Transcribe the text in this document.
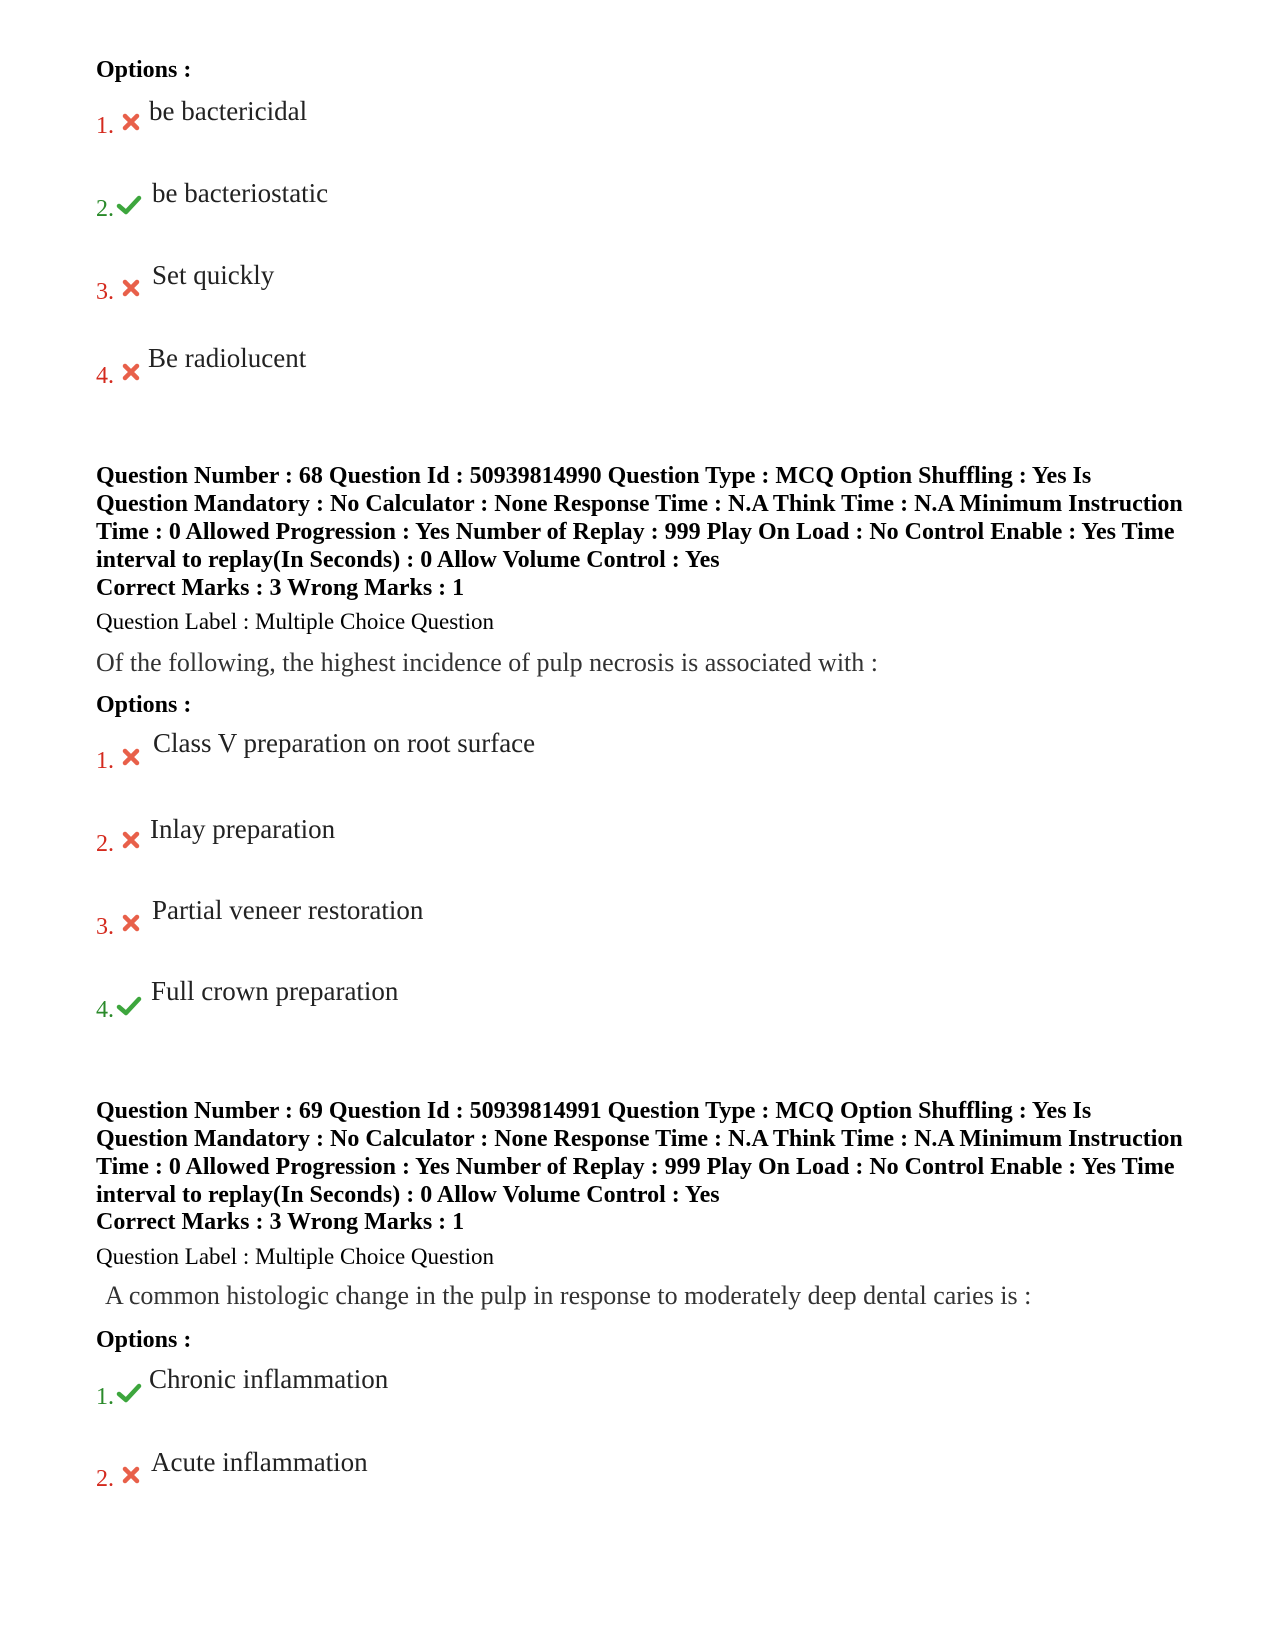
Options :
1. be bactericidal
2.
be bacteriostatic
3.
Set quickly
4.
Be radiolucent
Question Number : 68 Question Id : 50939814990 Question Type : MCQ Option Shuffling : Yes Is Question Mandatory : No Calculator : None Response Time : N.A Think Time : N.A Minimum Instruction Time : 0 Allowed Progression : Yes Number of Replay : 999 Play On Load : No Control Enable : Yes Time interval to replay(In Seconds) : 0 Allow Volume Control : Yes
Correct Marks : 3 Wrong Marks : 1
Question Label : Multiple Choice Question
Of the following, the highest incidence of pulp necrosis is associated with :
Options :
1.
Class V preparation on root surface
2. Inlay preparation
3.
Partial veneer restoration
4.
Full crown preparation
Question Number : 69 Question Id : 50939814991 Question Type : MCQ Option Shuffling : Yes Is Question Mandatory : No Calculator : None Response Time : N.A Think Time : N.A Minimum Instruction Time : 0 Allowed Progression : Yes Number of Replay : 999 Play On Load : No Control Enable : Yes Time interval to replay(In Seconds) : 0 Allow Volume Control : Yes
Correct Marks : 3 Wrong Marks : 1
Question Label : Multiple Choice Question
A common histologic change in the pulp in response to moderately deep dental caries is :
Options :
1.
Chronic inflammation
2.
Acute inflammation
